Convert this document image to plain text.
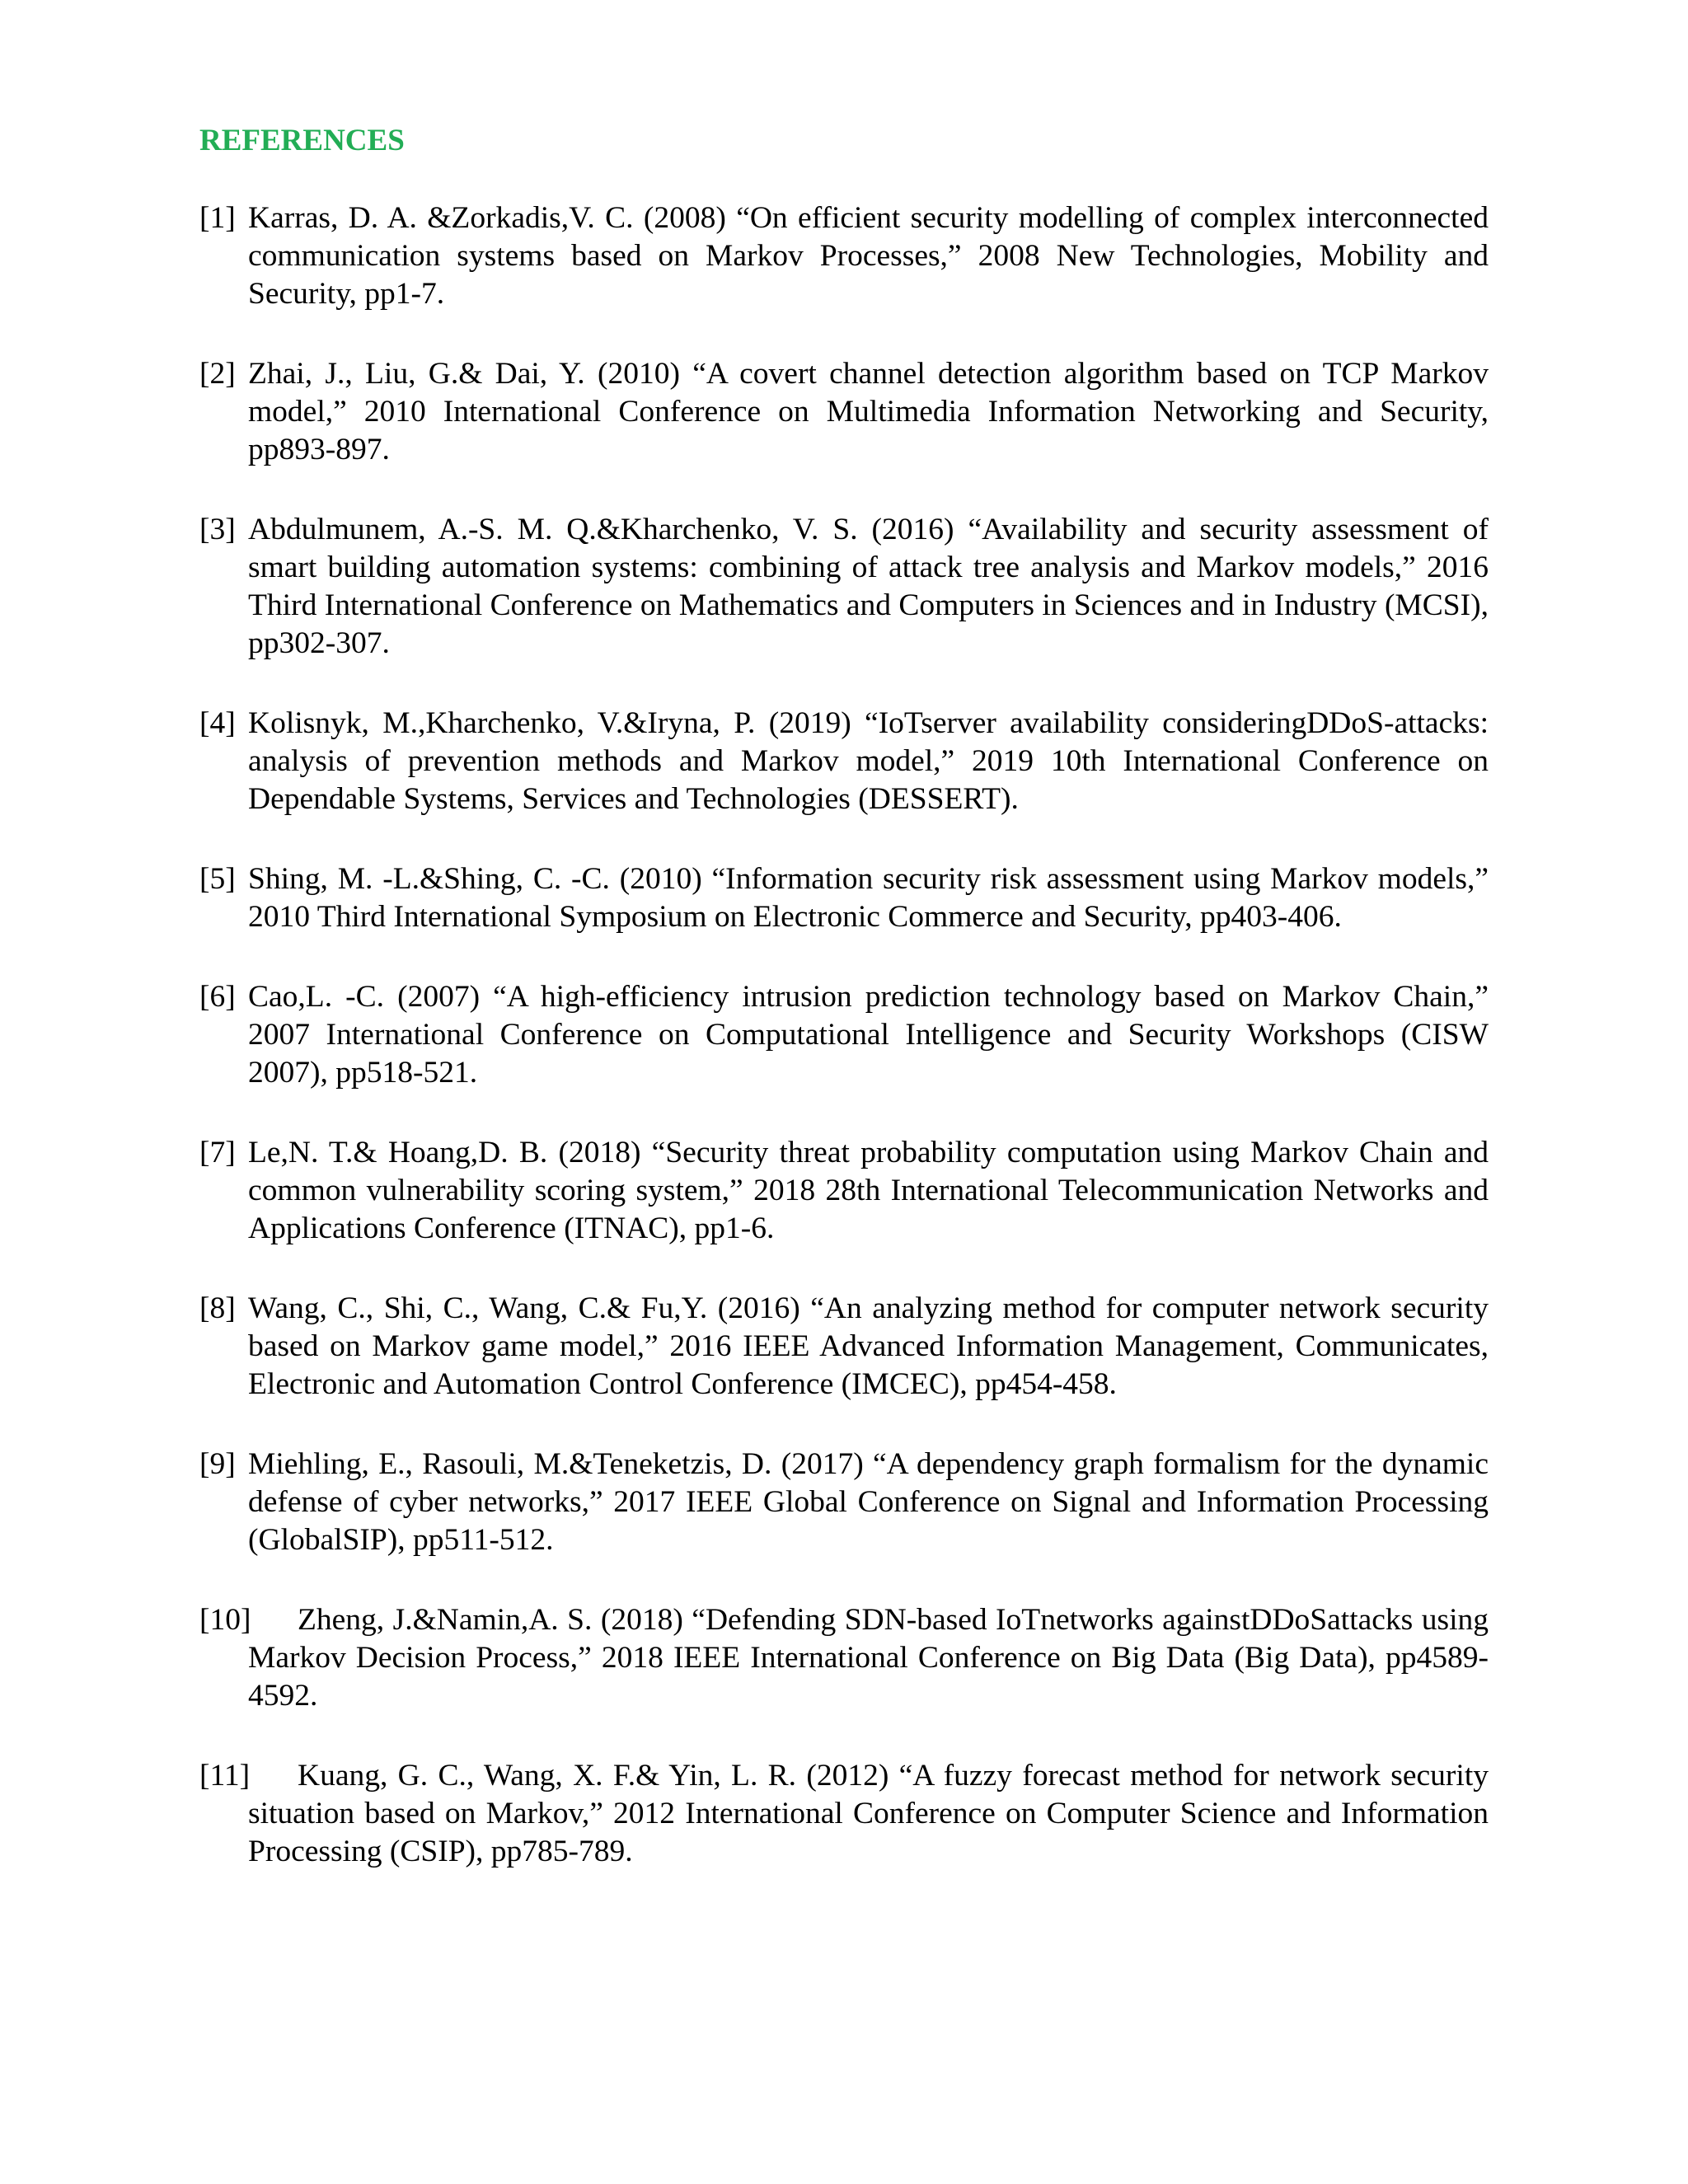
REFERENCES
[1] Karras, D. A. &Zorkadis,V. C. (2008) “On efficient security modelling of complex interconnected communication systems based on Markov Processes,” 2008 New Technologies, Mobility and Security, pp1-7.
[2] Zhai, J., Liu, G.& Dai, Y. (2010) “A covert channel detection algorithm based on TCP Markov model,” 2010 International Conference on Multimedia Information Networking and Security, pp893-897.
[3] Abdulmunem, A.-S. M. Q.&Kharchenko, V. S. (2016) “Availability and security assessment of smart building automation systems: combining of attack tree analysis and Markov models,” 2016 Third International Conference on Mathematics and Computers in Sciences and in Industry (MCSI), pp302-307.
[4] Kolisnyk, M.,Kharchenko, V.&Iryna, P. (2019) “IoTserver availability consideringDDoS-attacks: analysis of prevention methods and Markov model,” 2019 10th International Conference on Dependable Systems, Services and Technologies (DESSERT).
[5] Shing, M. -L.&Shing, C. -C. (2010) “Information security risk assessment using Markov models,” 2010 Third International Symposium on Electronic Commerce and Security, pp403-406.
[6] Cao,L. -C. (2007) “A high-efficiency intrusion prediction technology based on Markov Chain,” 2007 International Conference on Computational Intelligence and Security Workshops (CISW 2007), pp518-521.
[7] Le,N. T.& Hoang,D. B. (2018) “Security threat probability computation using Markov Chain and common vulnerability scoring system,” 2018 28th International Telecommunication Networks and Applications Conference (ITNAC), pp1-6.
[8] Wang, C., Shi, C., Wang, C.& Fu,Y. (2016) “An analyzing method for computer network security based on Markov game model,” 2016 IEEE Advanced Information Management, Communicates, Electronic and Automation Control Conference (IMCEC), pp454-458.
[9] Miehling, E., Rasouli, M.&Teneketzis, D. (2017) “A dependency graph formalism for the dynamic defense of cyber networks,” 2017 IEEE Global Conference on Signal and Information Processing (GlobalSIP), pp511-512.
[10] Zheng, J.&Namin,A. S. (2018) “Defending SDN-based IoTnetworks againstDDoSattacks using Markov Decision Process,” 2018 IEEE International Conference on Big Data (Big Data), pp4589-4592.
[11] Kuang, G. C., Wang, X. F.& Yin, L. R. (2012) “A fuzzy forecast method for network security situation based on Markov,” 2012 International Conference on Computer Science and Information Processing (CSIP), pp785-789.
